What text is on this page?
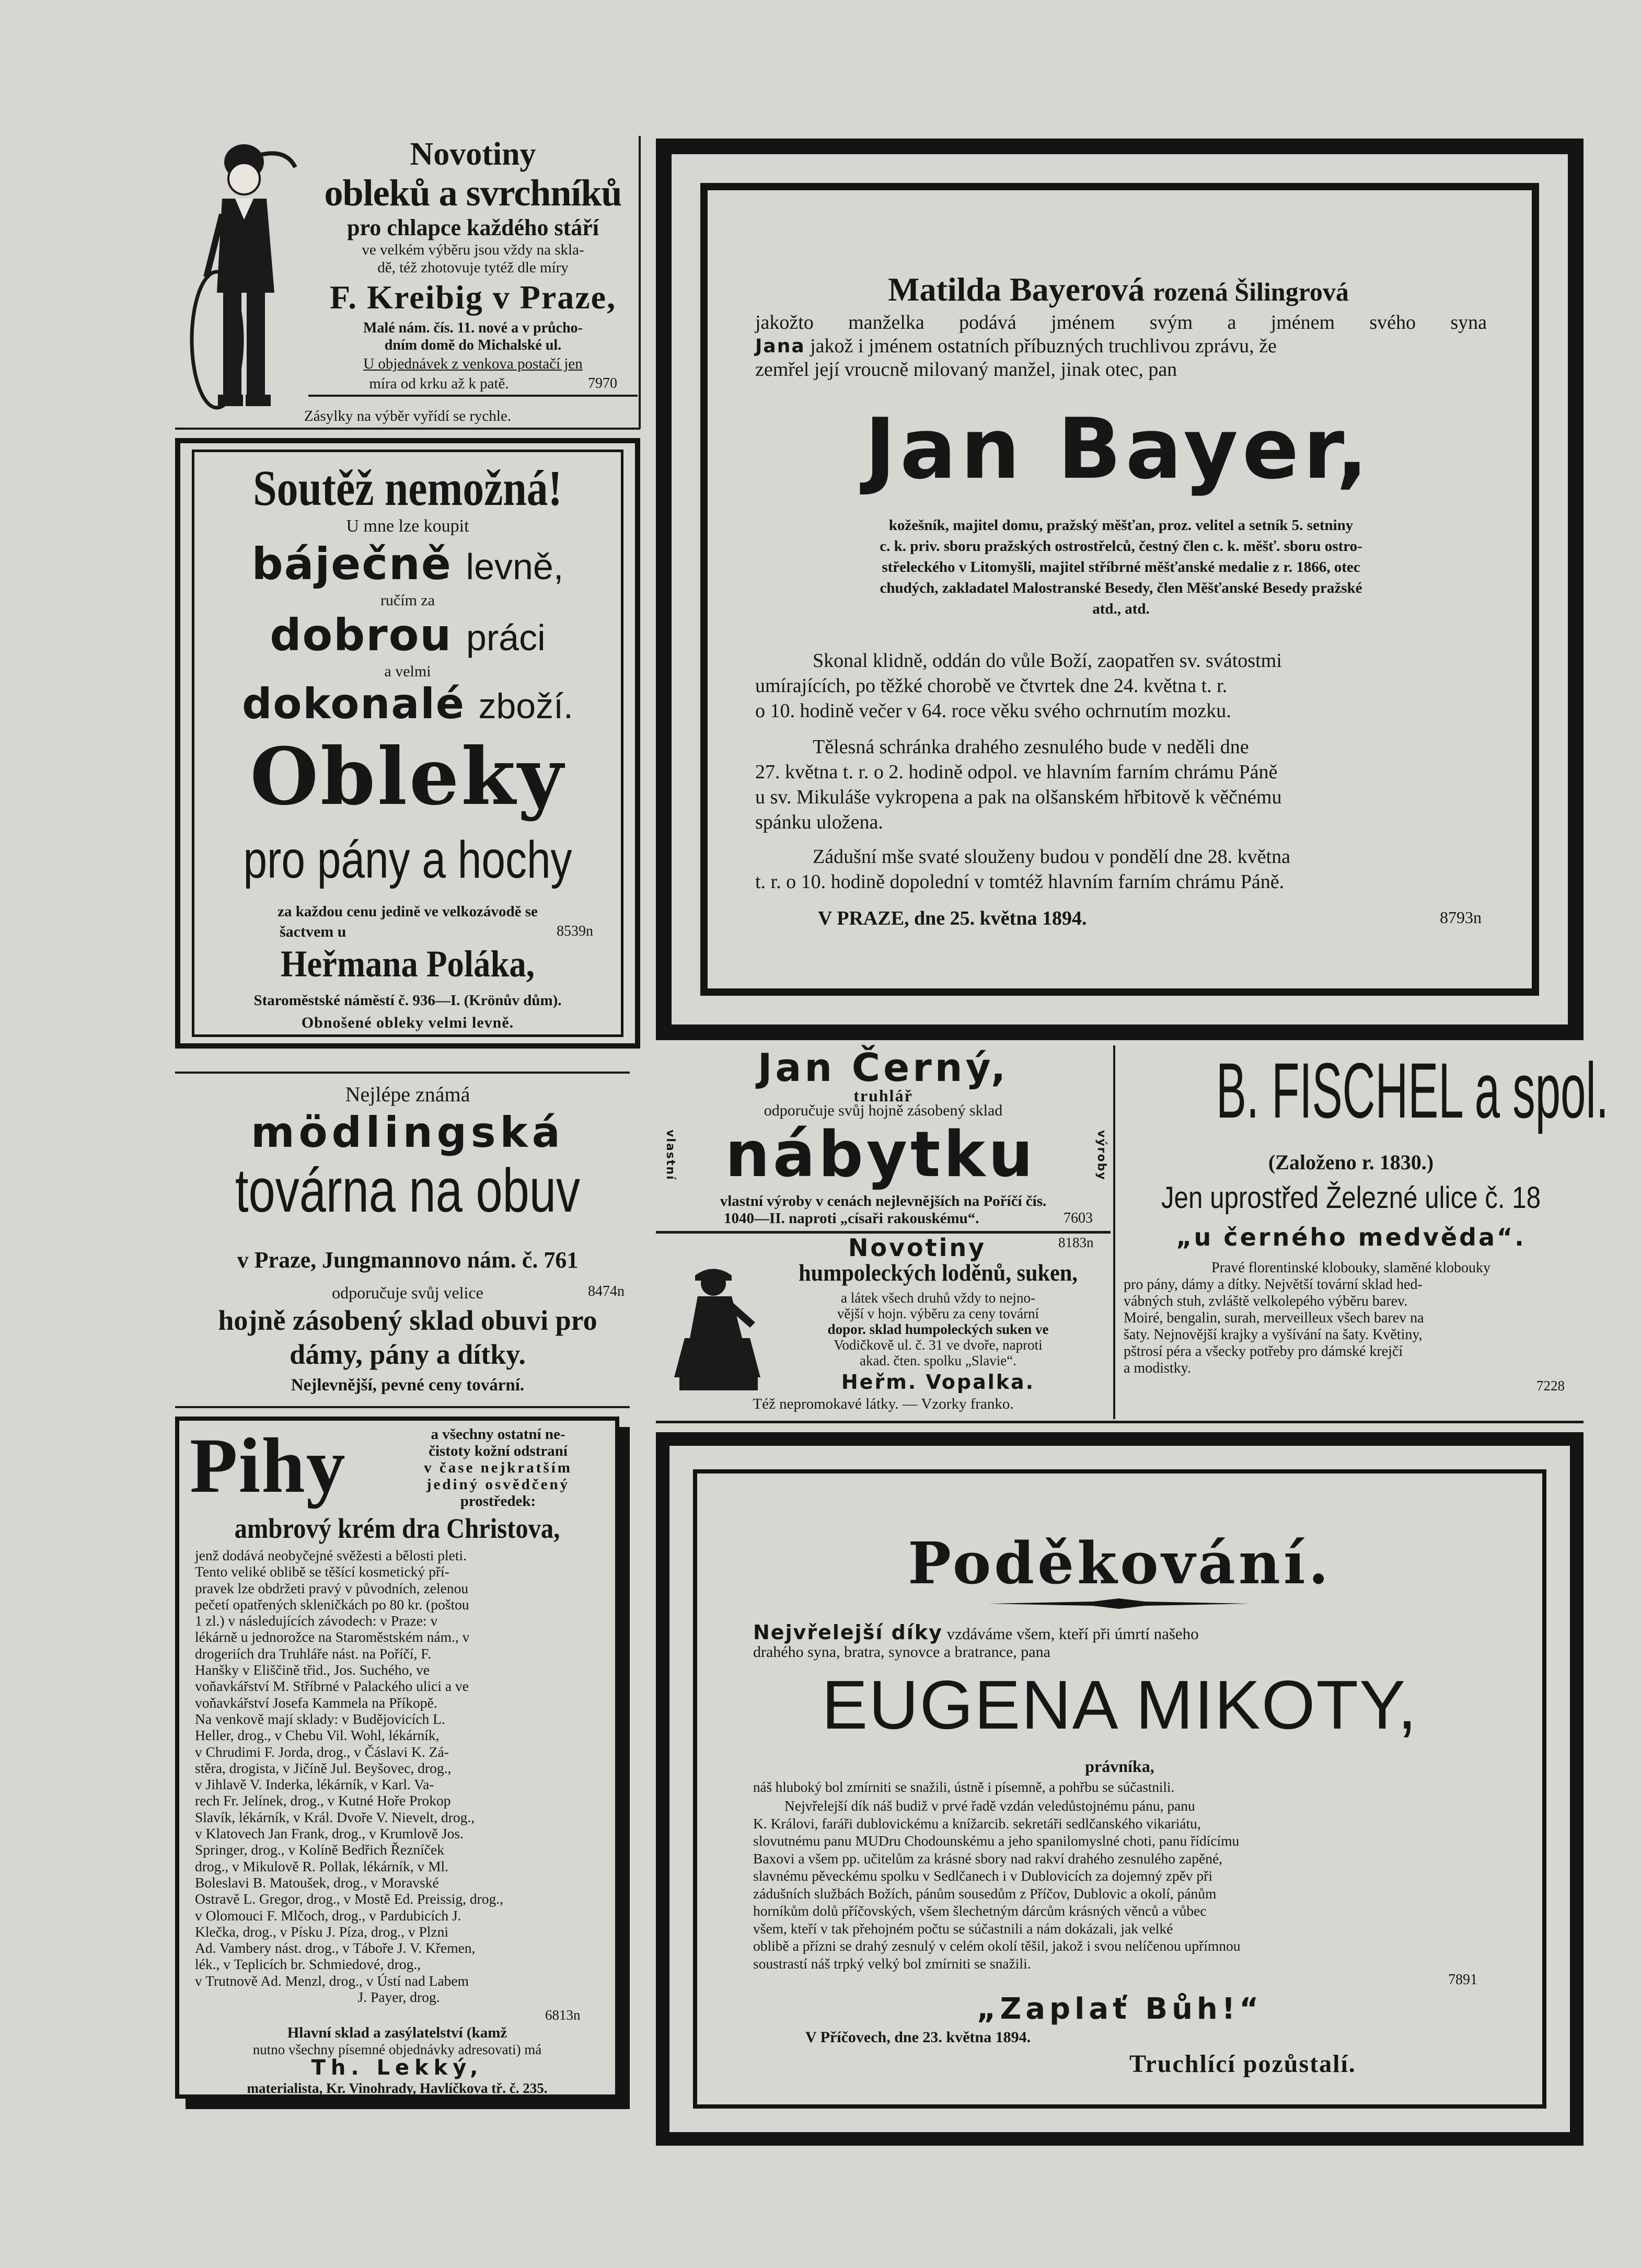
Novotiny
obleků a svrchníků
pro chlapce každého stáří
ve velkém výběru jsou vždy na skla-
dě, též zhotovuje tytéž dle míry
F. Kreibig v Praze,
Malé nám. čís. 11. nové a v průcho-
dním domě do Michalské ul.
U objednávek z venkova postačí jen
míra od krku až k patě.	7970
Zásylky na výběr vyřídí se rychle.
Soutěž nemožná!
U mne lze koupit
báječně levně,
ručím za
dobrou práci
a velmi
dokonalé zboží.
Obleky
pro pány a hochy
za každou cenu jedině ve velkozávodě se
šactvem u	8539n
Heřmana Poláka,
Staroměstské náměstí č. 936—I. (Krönův dům).
Obnošené obleky velmi levně.
Nejlépe známá
mödlingská
továrna na obuv
v Praze, Jungmannovo nám. č. 761
odporučuje svůj velice	8474n
hojně zásobený sklad obuvi pro
dámy, pány a dítky.
Nejlevnější, pevné ceny tovární.
Pihy	a všechny ostatní ne-

čistoty kožní odstraní

v čase nejkratším

jediný osvědčený

prostředek:

ambrový krém dra Christova,

jenž dodává neobyčejné svěžesti a bělosti pleti.

Tento veliké oblibě se těšící kosmetický pří-

pravek lze obdržeti pravý v původních, zelenou

pečetí opatřených skleničkách po 80 kr. (poštou

1 zl.) v následujících závodech: v Praze: v

lékárně u jednorožce na Staroměstském nám., v

drogeriích dra Truhláře nást. na Poříčí, F.

Hanšky v Eliščině třid., Jos. Suchého, ve

voňavkářství M. Stříbrné v Palackého ulici a ve

voňavkářství Josefa Kammela na Příkopě.

Na venkově mají sklady: v Budějovicích L.

Heller, drog., v Chebu Vil. Wohl, lékárník,

v Chrudimi F. Jorda, drog., v Čáslavi K. Zá-

stěra, drogista, v Jičíně Jul. Beyšovec, drog.,

v Jihlavě V. Inderka, lékárník, v Karl. Va-

rech Fr. Jelínek, drog., v Kutné Hoře Prokop

Slavík, lékárník, v Král. Dvoře V. Nievelt, drog.,

v Klatovech Jan Frank, drog., v Krumlově Jos.

Springer, drog., v Kolíně Bedřich Řezníček

drog., v Mikulově R. Pollak, lékárník, v Ml.

Boleslavi B. Matoušek, drog., v Moravské

Ostravě L. Gregor, drog., v Mostě Ed. Preissig, drog.,

v Olomouci F. Mlčoch, drog., v Pardubicích J.

Klečka, drog., v Písku J. Píza, drog., v Plzni

Ad. Vambery nást. drog., v Táboře J. V. Křemen,

lék., v Teplicích br. Schmiedové, drog.,

v Trutnově Ad. Menzl, drog., v Ústí nad Labem

J. Payer, drog.

6813n
Hlavní sklad a zasýlatelství (kamž
nutno všechny písemné objednávky adresovati) má
Th. Lekký,
materialista, Kr. Vinohrady, Havlíčkova tř. č. 235.
Matilda Bayerová rozená Šilingrová
jakožto manželka podává jménem svým a jménem svého syna
Jana jakož i jménem ostatních příbuzných truchlivou zprávu, že
zemřel její vroucně milovaný manžel, jinak otec, pan
Jan Bayer,

kožešník, majitel domu, pražský měšťan, proz. velitel a setník 5. setniny

c. k. priv. sboru pražských ostrostřelců, čestný člen c. k. měšť. sboru ostro-

střeleckého v Litomyšli, majitel stříbrné měšťanské medalie z r. 1866, otec

chudých, zakladatel Malostranské Besedy, člen Měšťanské Besedy pražské

atd., atd.

Skonal klidně, oddán do vůle Boží, zaopatřen sv. svátostmi

umírajících, po těžké chorobě ve čtvrtek dne 24. května t. r.

o 10. hodině večer v 64. roce věku svého ochrnutím mozku.

Tělesná schránka drahého zesnulého bude v neděli dne

27. května t. r. o 2. hodině odpol. ve hlavním farním chrámu Páně

u sv. Mikuláše vykropena a pak na olšanském hřbitově k věčnému

spánku uložena.

Zádušní mše svaté slouženy budou v pondělí dne 28. května

t. r. o 10. hodině dopolední v tomtéž hlavním farním chrámu Páně.

V PRAZE, dne 25. května 1894.	8793n
Jan Černý,
truhlář
odporučuje svůj hojně zásobený sklad
vlastní nábytku	výroby
vlastní výroby v cenách nejlevnějších na Poříčí čís.
1040—II. naproti „císaři rakouskému“.	7603
Novotiny	8183n
humpoleckých loděnů, suken,

a látek všech druhů vždy to nejno-

vější v hojn. výběru za ceny tovární

dopor. sklad humpoleckých suken ve

Vodičkově ul. č. 31 ve dvoře, naproti

akad. čten. spolku „Slavie“.

Heřm. Vopalka.
Též nepromokavé látky. — Vzorky franko.
B. FISCHEL a spol.
(Založeno r. 1830.)
Jen uprostřed Železné ulice č. 18
„u černého medvěda“.

Pravé florentinské klobouky, slaměné klobouky

pro pány, dámy a dítky. Největší tovární sklad hed-

vábných stuh, zvláště velkolepého výběru barev.

Moiré, bengalin, surah, merveilleux všech barev na

šaty. Nejnovější krajky a vyšívání na šaty. Květiny,

pštrosí péra a všecky potřeby pro dámské krejčí

a modistky.

7228
Poděkování.
Nejvřelejší díky vzdáváme všem, kteří při úmrtí našeho
drahého syna, bratra, synovce a bratrance, pana
EUGENA MIKOTY,
právníka,
náš hluboký bol zmírniti se snažili, ústně i písemně, a pohřbu se súčastnili.

Nejvřelejší dík náš budiž v prvé řadě vzdán veledůstojnému pánu, panu

K. Královi, faráři dublovickému a knížarcib. sekretáři sedlčanského vikariátu,

slovutnému panu MUDru Chodounskému a jeho spanilomyslné choti, panu řídícímu

Baxovi a všem pp. učitelům za krásné sbory nad rakví drahého zesnulého zapěné,

slavnému pěveckému spolku v Sedlčanech i v Dublovicích za dojemný zpěv při

zádušních službách Božích, pánům sousedům z Příčov, Dublovic a okolí, pánům

horníkům dolů příčovských, všem šlechetným dárcům krásných věnců a vůbec

všem, kteří v tak přehojném počtu se súčastnili a nám dokázali, jak velké

oblibě a přízni se drahý zesnulý v celém okolí těšil, jakož i svou nelíčenou upřímnou

soustrastí náš trpký velký bol zmírniti se snažili.

7891
„Zaplať Bůh!“
V Příčovech, dne 23. května 1894.
Truchlící pozůstalí.
